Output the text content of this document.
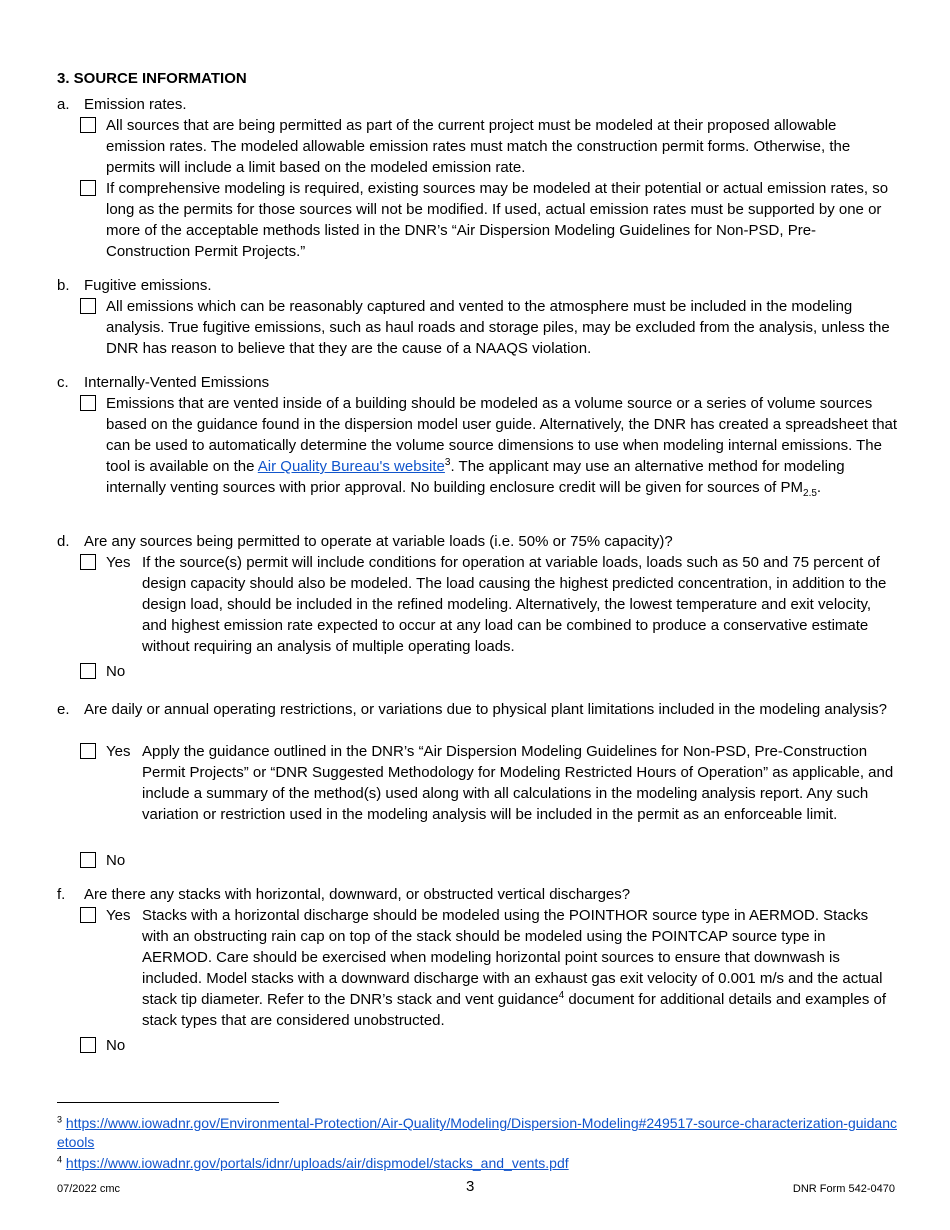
3. SOURCE INFORMATION
a. Emission rates.
All sources that are being permitted as part of the current project must be modeled at their proposed allowable emission rates. The modeled allowable emission rates must match the construction permit forms. Otherwise, the permits will include a limit based on the modeled emission rate.
If comprehensive modeling is required, existing sources may be modeled at their potential or actual emission rates, so long as the permits for those sources will not be modified. If used, actual emission rates must be supported by one or more of the acceptable methods listed in the DNR’s “Air Dispersion Modeling Guidelines for Non-PSD, Pre-Construction Permit Projects.”
b. Fugitive emissions.
All emissions which can be reasonably captured and vented to the atmosphere must be included in the modeling analysis. True fugitive emissions, such as haul roads and storage piles, may be excluded from the analysis, unless the DNR has reason to believe that they are the cause of a NAAQS violation.
c. Internally-Vented Emissions
Emissions that are vented inside of a building should be modeled as a volume source or a series of volume sources based on the guidance found in the dispersion model user guide. Alternatively, the DNR has created a spreadsheet that can be used to automatically determine the volume source dimensions to use when modeling internal emissions. The tool is available on the Air Quality Bureau's website$^3$. The applicant may use an alternative method for modeling internally venting sources with prior approval. No building enclosure credit will be given for sources of $PM_{2.5}$.
d. Are any sources being permitted to operate at variable loads (i.e. 50% or 75% capacity)?
Yes If the source(s) permit will include conditions for operation at variable loads, loads such as 50 and 75 percent of design capacity should also be modeled. The load causing the highest predicted concentration, in addition to the design load, should be included in the refined modeling. Alternatively, the lowest temperature and exit velocity, and highest emission rate expected to occur at any load can be combined to produce a conservative estimate without requiring an analysis of multiple operating loads.
No
e. Are daily or annual operating restrictions, or variations due to physical plant limitations included in the modeling analysis?
Yes Apply the guidance outlined in the DNR’s “Air Dispersion Modeling Guidelines for Non-PSD, Pre-Construction Permit Projects” or “DNR Suggested Methodology for Modeling Restricted Hours of Operation” as applicable, and include a summary of the method(s) used along with all calculations in the modeling analysis report. Any such variation or restriction used in the modeling analysis will be included in the permit as an enforceable limit.
No
f. Are there any stacks with horizontal, downward, or obstructed vertical discharges?
Yes Stacks with a horizontal discharge should be modeled using the POINTHOR source type in AERMOD. Stacks with an obstructing rain cap on top of the stack should be modeled using the POINTCAP source type in AERMOD. Care should be exercised when modeling horizontal point sources to ensure that downwash is included. Model stacks with a downward discharge with an exhaust gas exit velocity of 0.001 m/s and the actual stack tip diameter. Refer to the DNR’s stack and vent guidance$^4$ document for additional details and examples of stack types that are considered unobstructed.
No
$^3$ https://www.iowadnr.gov/Environmental-Protection/Air-Quality/Modeling/Dispersion-Modeling#249517-source-characterization-guidancetools
$^4$ https://www.iowadnr.gov/portals/idnr/uploads/air/dispmodel/stacks_and_vents.pdf
07/2022 cmc	3	DNR Form 542-0470
